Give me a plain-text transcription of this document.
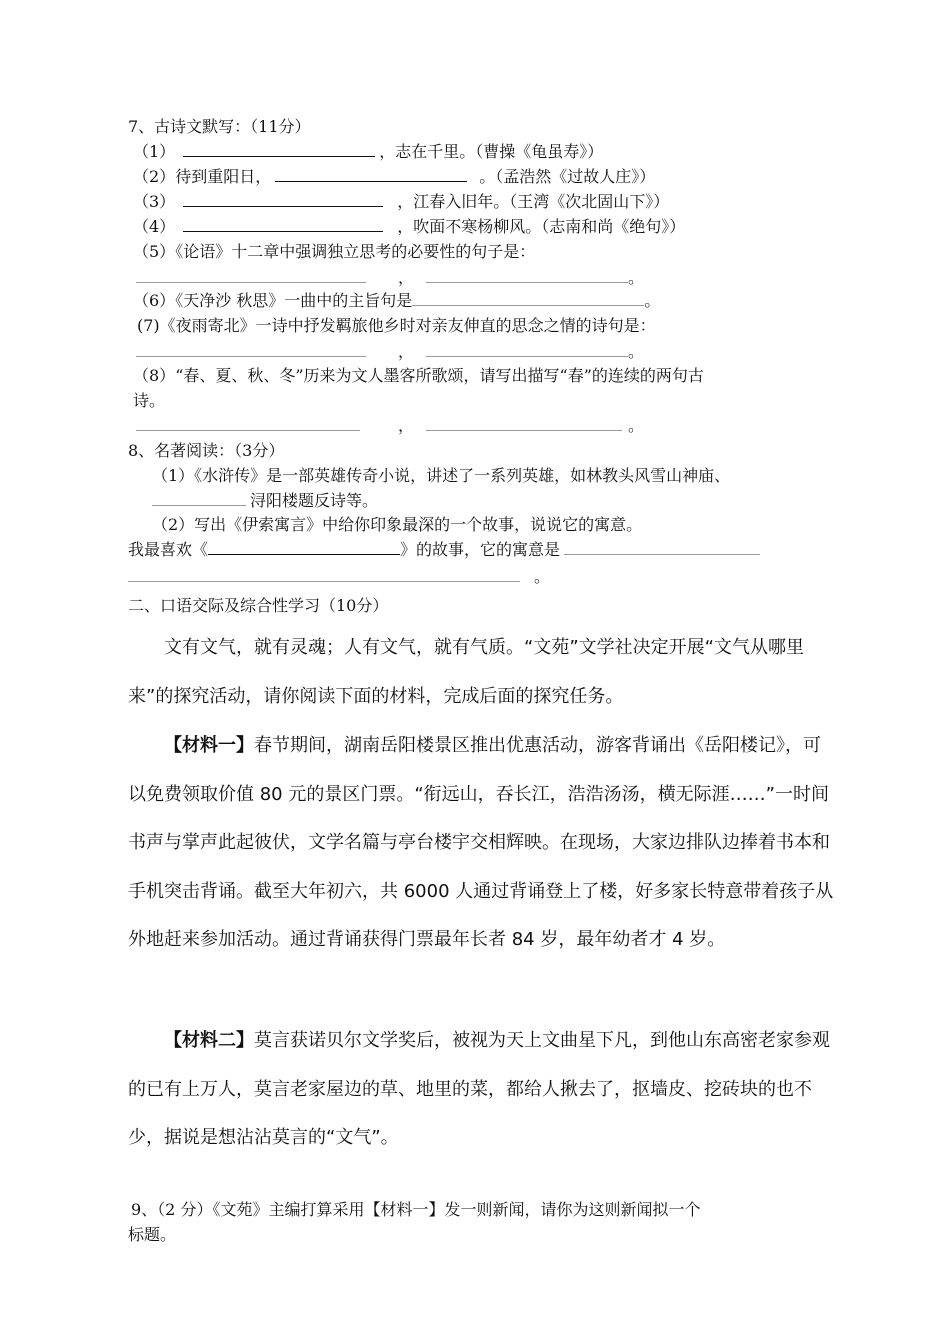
7、古诗文默写：（11分）
（1）	，志在千里。（曹操《龟虽寿》）
（2）待到重阳日，	。（孟浩然《过故人庄》）
（3）	，江春入旧年。（王湾《次北固山下》）
（4）	，吹面不寒杨柳风。（志南和尚《绝句》）
（5）《论语》十二章中强调独立思考的必要性的句子是：
，	。
（6）《天净沙 秋思》一曲中的主旨句是	。
(7)《夜雨寄北》一诗中抒发羁旅他乡时对亲友伸直的思念之情的诗句是：
，	。
（8）“春、夏、秋、冬”历来为文人墨客所歌颂，请写出描写“春”的连续的两句古
诗。
，	。
8、名著阅读：（3分）
（1）《水浒传》是一部英雄传奇小说，讲述了一系列英雄，如林教头风雪山神庙、
浔阳楼题反诗等。
（2）写出《伊索寓言》中给你印象最深的一个故事，说说它的寓意。
我最喜欢《	》的故事，它的寓意是
。
二、口语交际及综合性学习（10分）
文有文气，就有灵魂；人有文气，就有气质。“文苑”文学社决定开展“文气从哪里来”的探究活动，请你阅读下面的材料，完成后面的探究任务。
【材料一】春节期间，湖南岳阳楼景区推出优惠活动，游客背诵出《岳阳楼记》，可以免费领取价值 80 元的景区门票。“衔远山，吞长江，浩浩汤汤，横无际涯……”一时间书声与掌声此起彼伏，文学名篇与亭台楼宇交相辉映。在现场，大家边排队边捧着书本和手机突击背诵。截至大年初六，共 6000 人通过背诵登上了楼，好多家长特意带着孩子从外地赶来参加活动。通过背诵获得门票最年长者 84 岁，最年幼者才 4 岁。
【材料二】莫言获诺贝尔文学奖后，被视为天上文曲星下凡，到他山东高密老家参观的已有上万人，莫言老家屋边的草、地里的菜，都给人揪去了，抠墙皮、挖砖块的也不少，据说是想沾沾莫言的“文气”。
9、（2 分）《文苑》主编打算采用【材料一】发一则新闻，请你为这则新闻拟一个
标题。
